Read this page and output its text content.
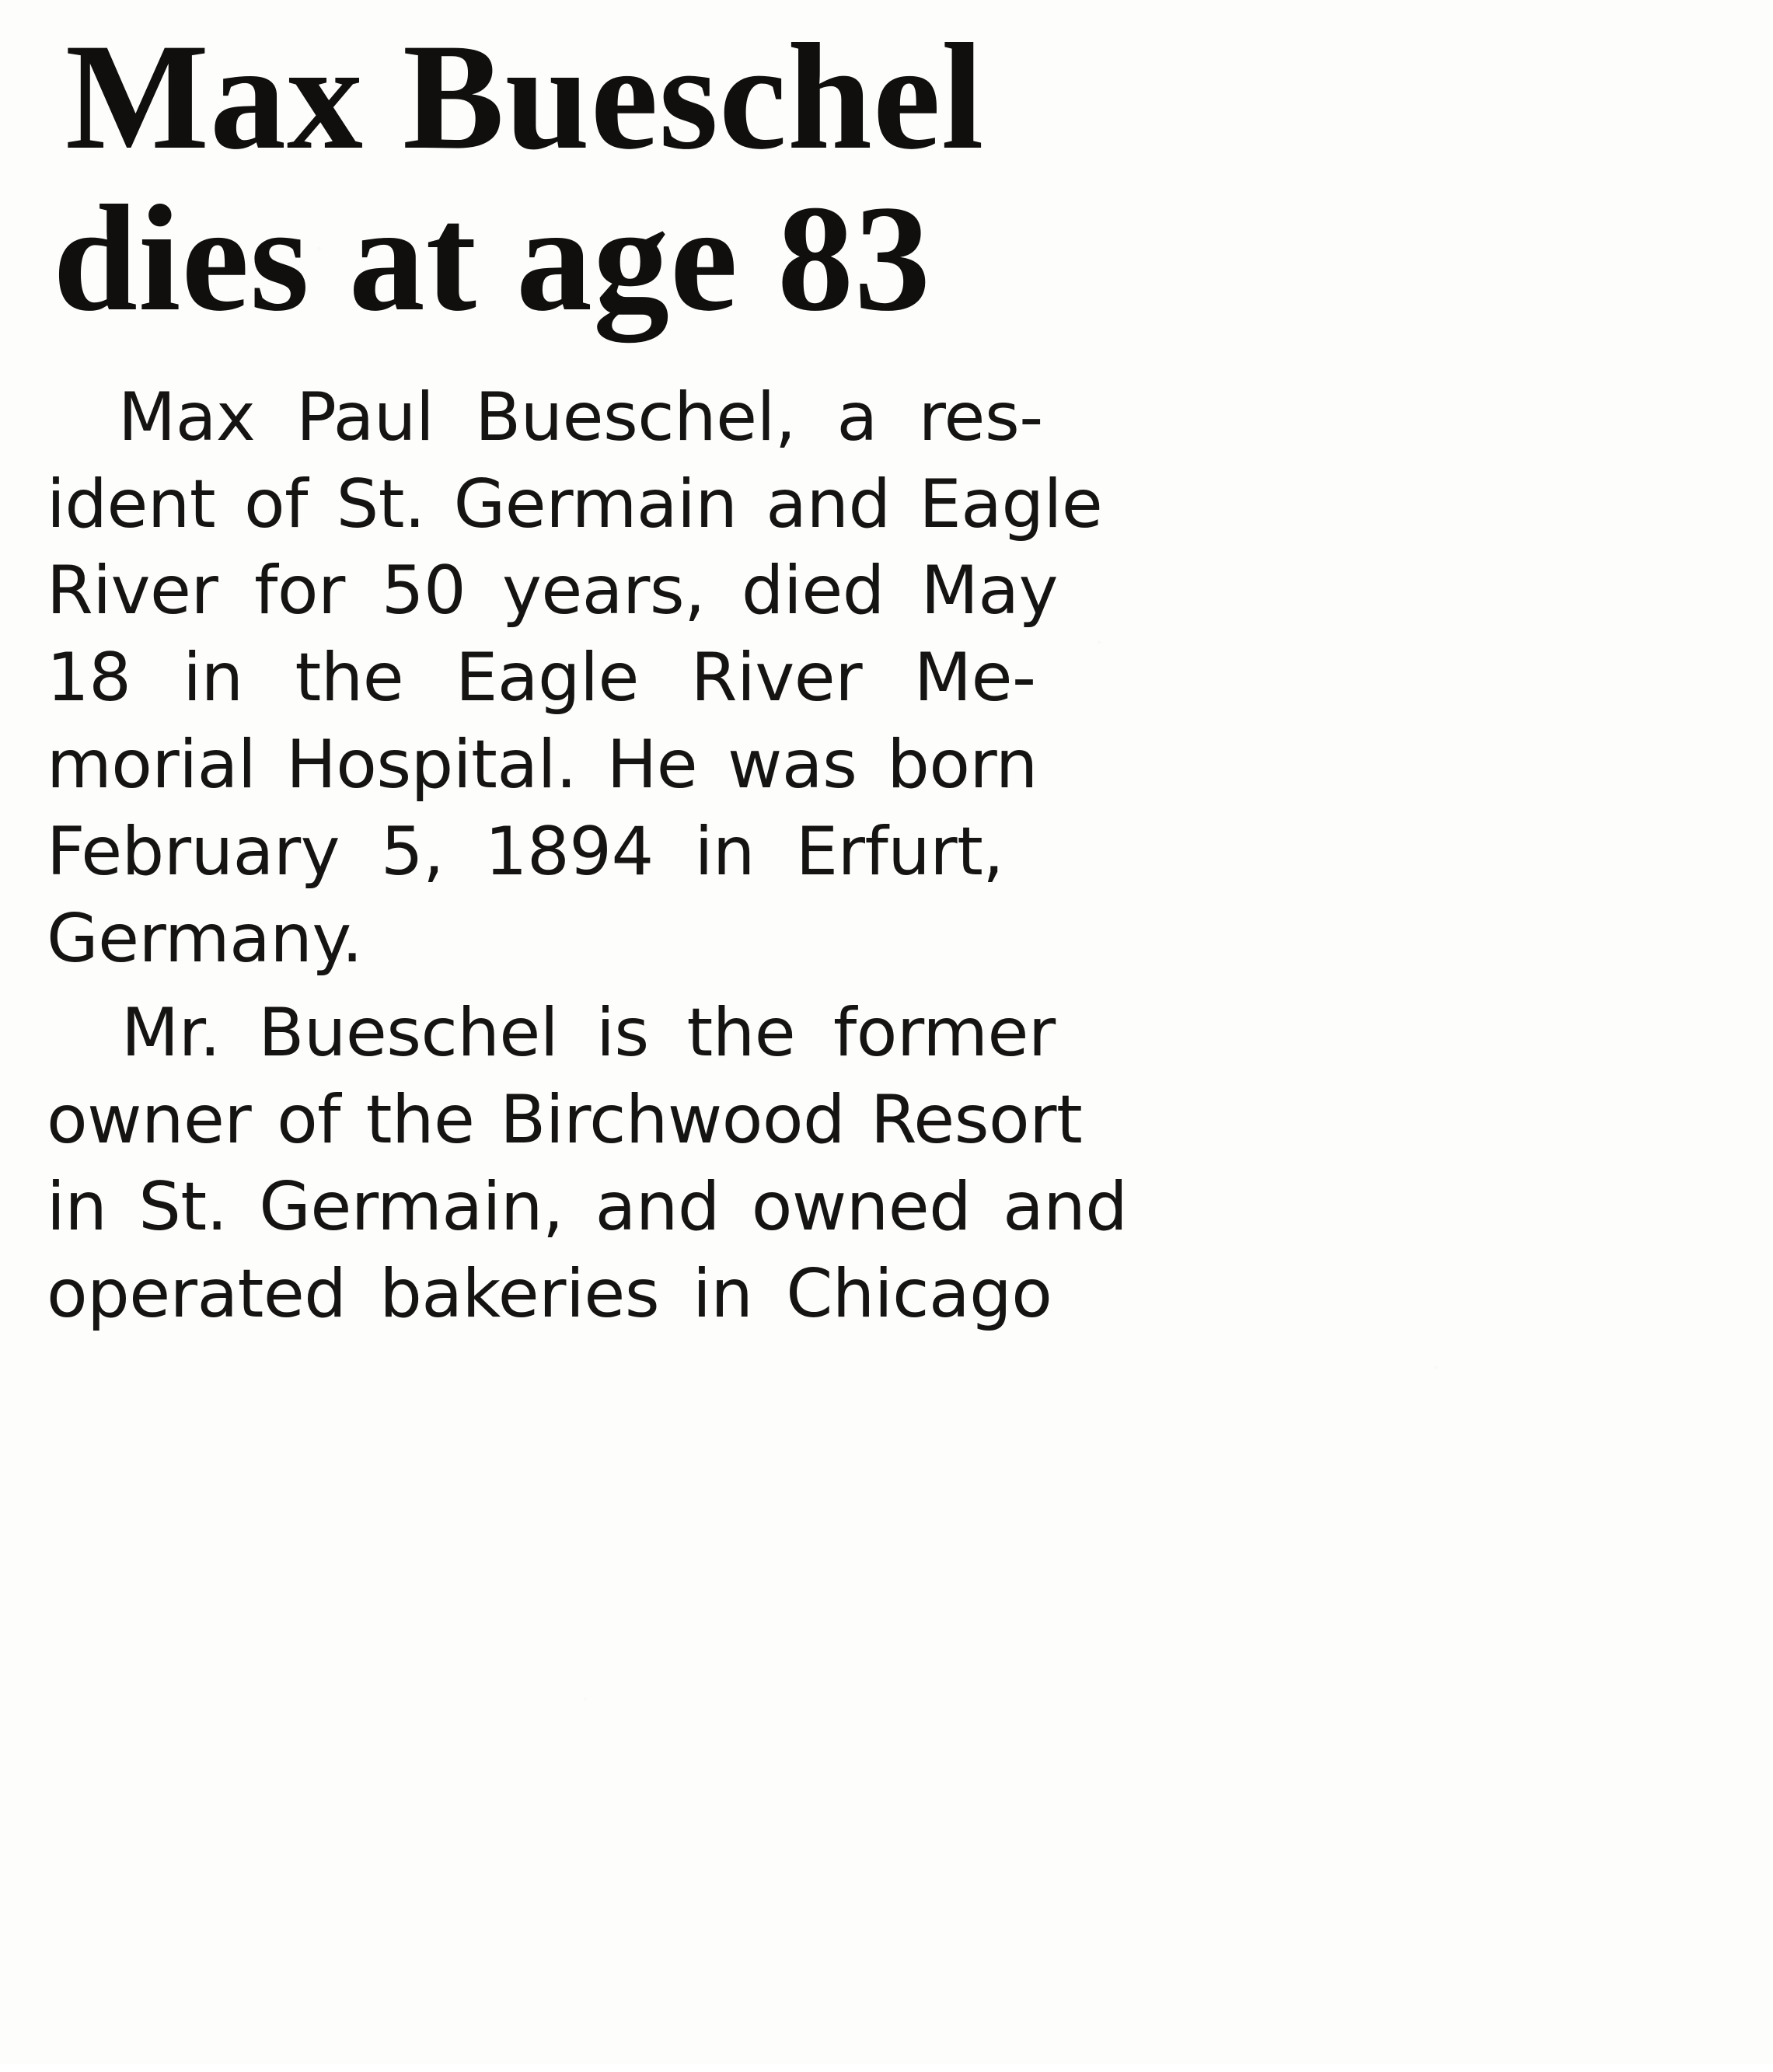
Max Bueschel
dies at age 83

Max Paul Bueschel, a res-
ident of St. Germain and Eagle
River for 50 years, died May
18 in the Eagle River Me-
morial Hospital. He was born
February 5, 1894 in Erfurt,
Germany.

Mr. Bueschel is the former
owner of the Birchwood Resort
in St. Germain, and owned and
operated bakeries in Chicago
